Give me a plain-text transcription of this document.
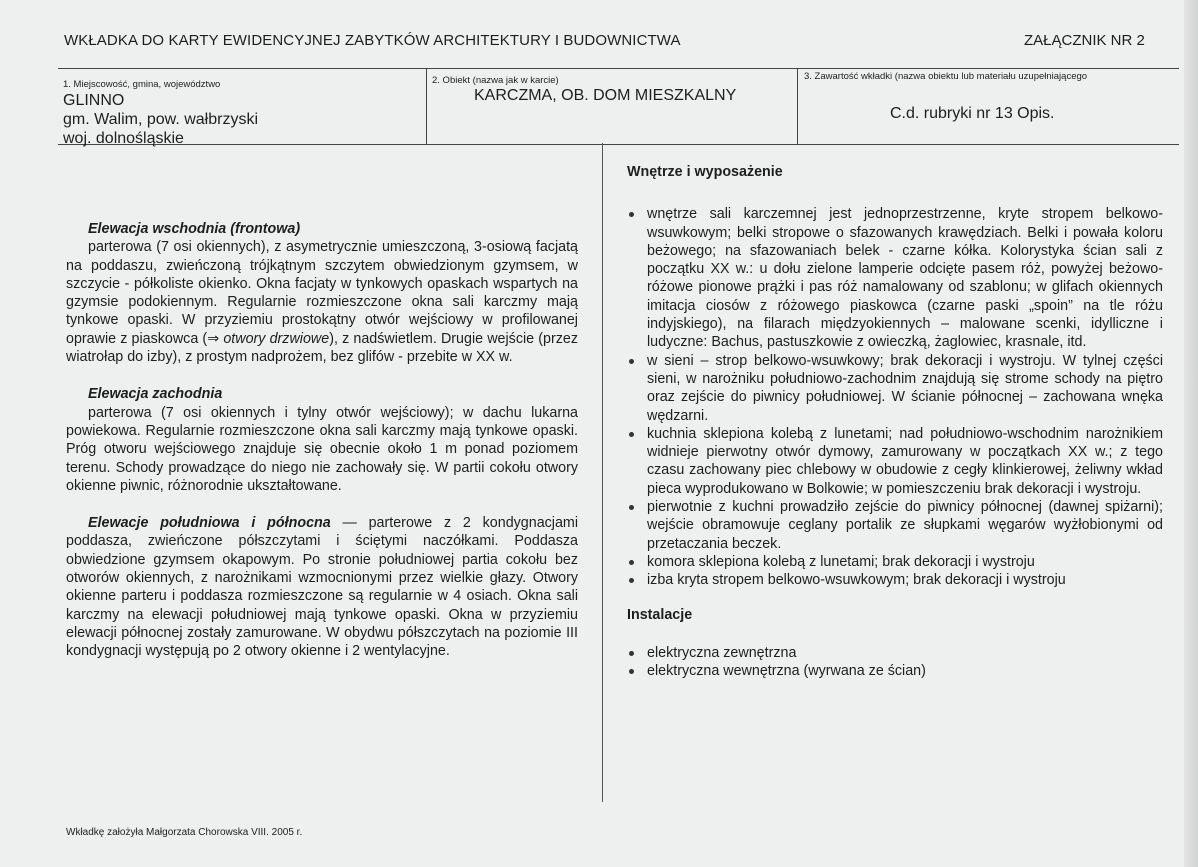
WKŁADKA DO KARTY EWIDENCYJNEJ ZABYTKÓW ARCHITEKTURY I BUDOWNICTWA	ZAŁĄCZNIK NR 2
1. Miejscowość, gmina, województwo
GLINNO
gm. Walim, pow. wałbrzyski
woj. dolnośląskie
2. Obiekt (nazwa jak w karcie)
KARCZMA, OB. DOM MIESZKALNY
3. Zawartość wkładki (nazwa obiektu lub materiału uzupełniającego
C.d. rubryki nr 13 Opis.

Elewacja wschodnia (frontowa)
parterowa (7 osi okiennych), z asymetrycznie umieszczoną, 3-osiową facjatą na poddaszu, zwieńczoną trójkątnym szczytem obwiedzionym gzymsem, w szczycie - półkoliste okienko. Okna facjaty w tynkowych opaskach wspartych na gzymsie podokiennym. Regularnie rozmieszczone okna sali karczmy mają tynkowe opaski. W przyziemiu prostokątny otwór wejściowy w profilowanej oprawie z piaskowca (⇒ otwory drzwiowe), z nadświetlem. Drugie wejście (przez wiatrołap do izby), z prostym nadprożem, bez glifów - przebite w XX w.

Elewacja zachodnia
parterowa (7 osi okiennych i tylny otwór wejściowy); w dachu lukarna powiekowa. Regularnie rozmieszczone okna sali karczmy mają tynkowe opaski. Próg otworu wejściowego znajduje się obecnie około 1 m ponad poziomem terenu. Schody prowadzące do niego nie zachowały się. W partii cokołu otwory okienne piwnic, różnorodnie ukształtowane.

Elewacje południowa i północna — parterowe z 2 kondygnacjami poddasza, zwieńczone półszczytami i ściętymi naczółkami. Poddasza obwiedzione gzymsem okapowym. Po stronie południowej partia cokołu bez otworów okiennych, z narożnikami wzmocnionymi przez wielkie głazy. Otwory okienne parteru i poddasza rozmieszczone są regularnie w 4 osiach. Okna sali karczmy na elewacji południowej mają tynkowe opaski. Okna w przyziemiu elewacji północnej zostały zamurowane. W obydwu półszczytach na poziomie III kondygnacji występują po 2 otwory okienne i 2 wentylacyjne.

Wnętrze i wyposażenie

wnętrze sali karczemnej jest jednoprzestrzenne, kryte stropem belkowo-wsuwkowym; belki stropowe o sfazowanych krawędziach. Belki i powała koloru beżowego; na sfazowaniach belek - czarne kółka. Kolorystyka ścian sali z początku XX w.: u dołu zielone lamperie odcięte pasem róż, powyżej beżowo-różowe pionowe prążki i pas róż namalowany od szablonu; w glifach okiennych imitacja ciosów z różowego piaskowca (czarne paski „spoin” na tle różu indyjskiego), na filarach międzyokiennych – malowane scenki, idylliczne i ludyczne: Bachus, pastuszkowie z owieczką, żaglowiec, krasnale, itd.
w sieni – strop belkowo-wsuwkowy; brak dekoracji i wystroju. W tylnej części sieni, w narożniku południowo-zachodnim znajdują się strome schody na piętro oraz zejście do piwnicy południowej. W ścianie północnej – zachowana wnęka wędzarni.
kuchnia sklepiona kolebą z lunetami; nad południowo-wschodnim narożnikiem widnieje pierwotny otwór dymowy, zamurowany w początkach XX w.; z tego czasu zachowany piec chlebowy w obudowie z cegły klinkierowej, żeliwny wkład pieca wyprodukowano w Bolkowie; w pomieszczeniu brak dekoracji i wystroju.
pierwotnie z kuchni prowadziło zejście do piwnicy północnej (dawnej spiżarni); wejście obramowuje ceglany portalik ze słupkami węgarów wyżłobionymi od przetaczania beczek.
komora sklepiona kolebą z lunetami; brak dekoracji i wystroju
izba kryta stropem belkowo-wsuwkowym; brak dekoracji i wystroju

Instalacje

elektryczna zewnętrzna
elektryczna wewnętrzna (wyrwana ze ścian)
Wkładkę założyła Małgorzata Chorowska VIII. 2005 r.
